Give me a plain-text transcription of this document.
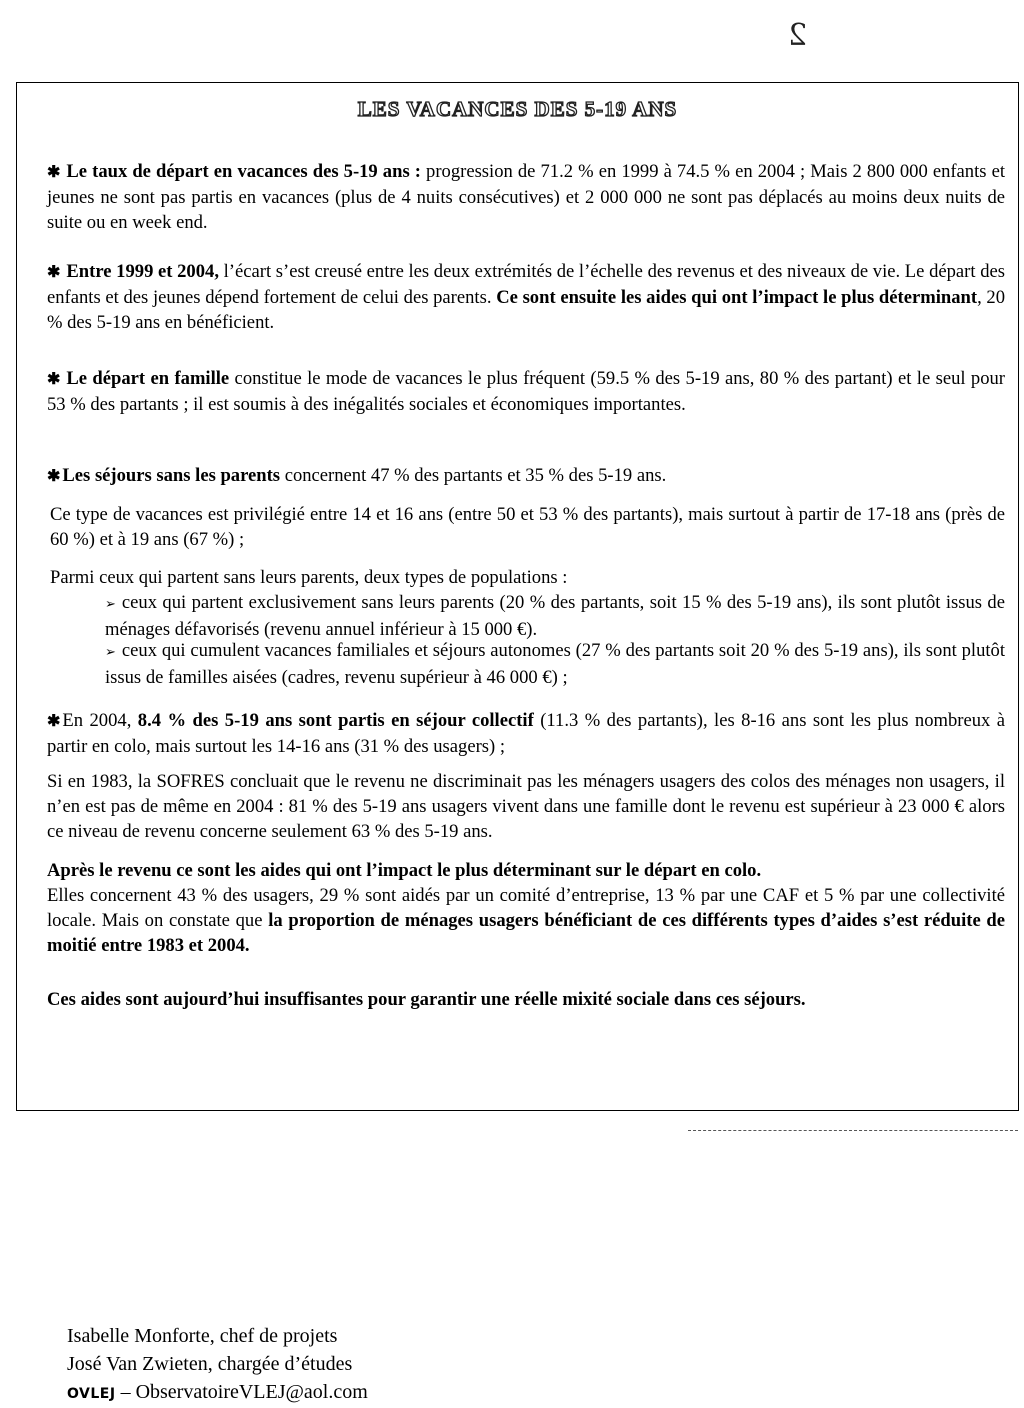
2
LES VACANCES DES 5-19 ANS
✱ Le taux de départ en vacances des 5-19 ans : progression de 71.2 % en 1999 à 74.5 % en 2004 ; Mais 2 800 000 enfants et jeunes ne sont pas partis en vacances (plus de 4 nuits consécutives) et 2 000 000 ne sont pas déplacés au moins deux nuits de suite ou en week end.
✱ Entre 1999 et 2004, l’écart s’est creusé entre les deux extrémités de l’échelle des revenus et des niveaux de vie. Le départ des enfants et des jeunes dépend fortement de celui des parents. Ce sont ensuite les aides qui ont l’impact le plus déterminant, 20 % des 5-19 ans en bénéficient.
✱ Le départ en famille constitue le mode de vacances le plus fréquent (59.5 % des 5-19 ans, 80 % des partant) et le seul pour 53 % des partants ; il est soumis à des inégalités sociales et économiques importantes.
✱ Les séjours sans les parents concernent 47 % des partants et 35 % des 5-19 ans.
Ce type de vacances est privilégié entre 14 et 16 ans (entre 50 et 53 % des partants), mais surtout à partir de 17-18 ans (près de 60 %) et à 19 ans (67 %) ;
Parmi ceux qui partent sans leurs parents, deux types de populations :
➢ ceux qui partent exclusivement sans leurs parents (20 % des partants, soit 15 % des 5-19 ans), ils sont plutôt issus de ménages défavorisés (revenu annuel inférieur à 15 000 €).
➢ ceux qui cumulent vacances familiales et séjours autonomes (27 % des partants soit 20 % des 5-19 ans), ils sont plutôt issus de familles aisées (cadres, revenu supérieur à 46 000 €) ;
✱ En 2004, 8.4 % des 5-19 ans sont partis en séjour collectif (11.3 % des partants), les 8-16 ans sont les plus nombreux à partir en colo, mais surtout les 14-16 ans (31 % des usagers) ;
Si en 1983, la SOFRES concluait que le revenu ne discriminait pas les ménagers usagers des colos des ménages non usagers, il n’en est pas de même en 2004 : 81 % des 5-19 ans usagers vivent dans une famille dont le revenu est supérieur à 23 000 € alors ce niveau de revenu concerne seulement 63 % des 5-19 ans.
Après le revenu ce sont les aides qui ont l’impact le plus déterminant sur le départ en colo.
Elles concernent 43 % des usagers, 29 % sont aidés par un comité d’entreprise, 13 % par une CAF et 5 % par une collectivité locale. Mais on constate que la proportion de ménages usagers bénéficiant de ces différents types d’aides s’est réduite de moitié entre 1983 et 2004.
Ces aides sont aujourd’hui insuffisantes pour garantir une réelle mixité sociale dans ces séjours.
Isabelle Monforte, chef de projets
José Van Zwieten, chargée d’études
OVLEJ – ObservatoireVLEJ@aol.com
